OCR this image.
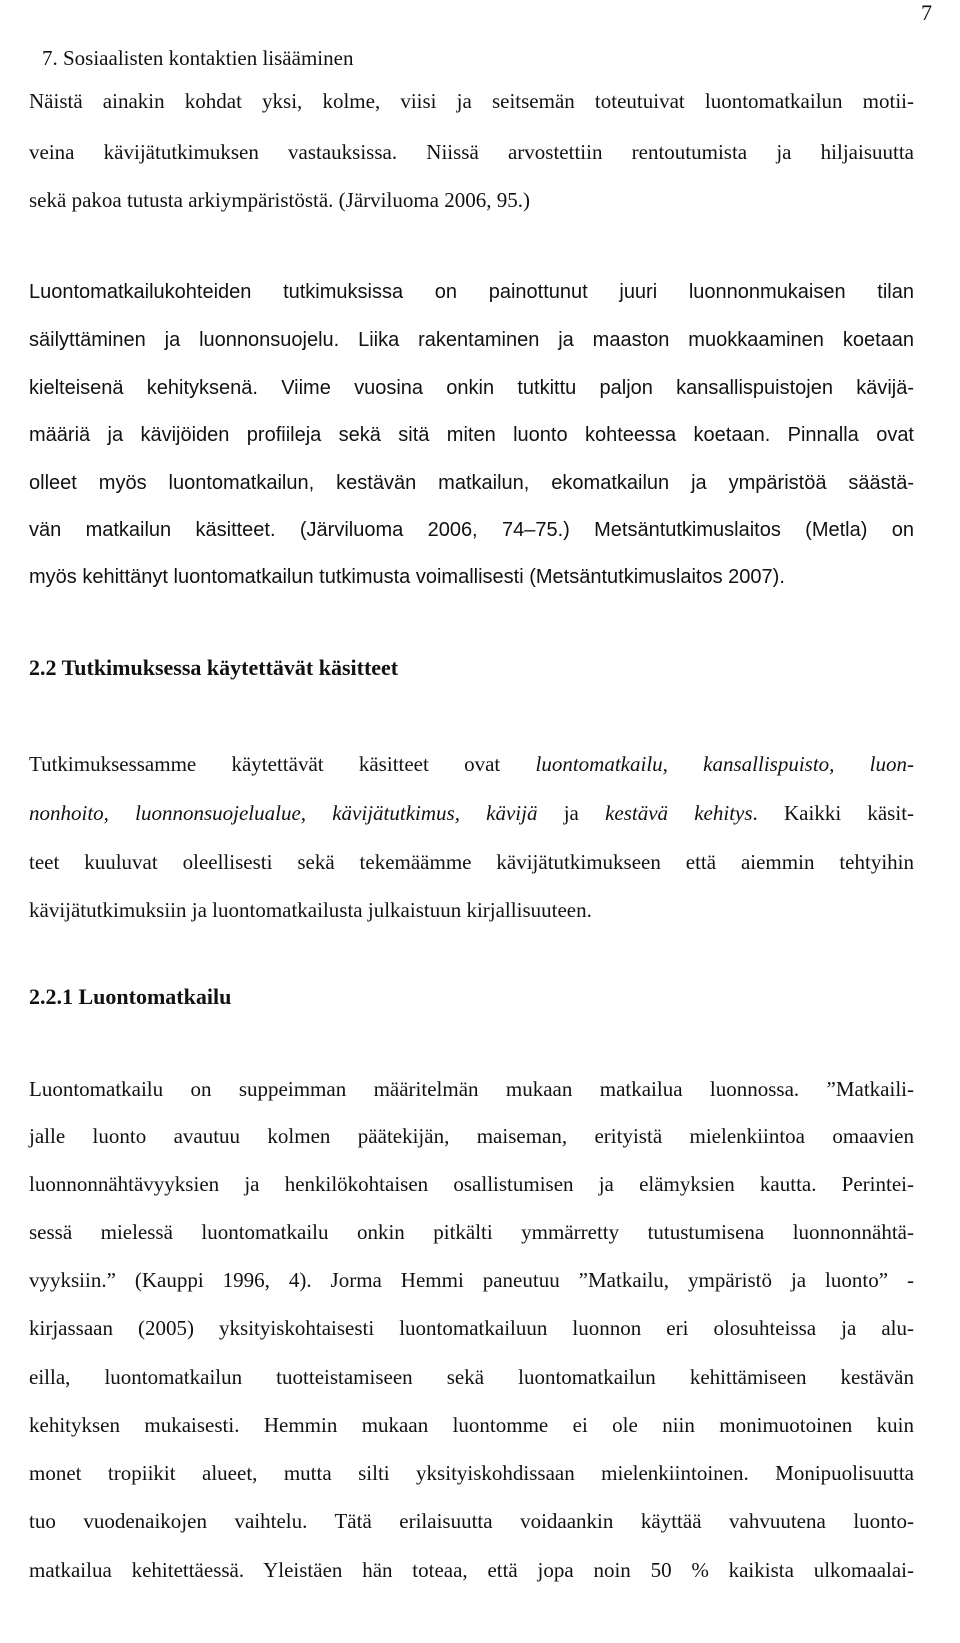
7
7. Sosiaalisten kontaktien lisääminen
Näistä ainakin kohdat yksi, kolme, viisi ja seitsemän toteutuivat luontomatkailun motii-
veina kävijätutkimuksen vastauksissa. Niissä arvostettiin rentoutumista ja hiljaisuutta
sekä pakoa tutusta arkiympäristöstä. (Järviluoma 2006, 95.)
Luontomatkailukohteiden tutkimuksissa on painottunut juuri luonnonmukaisen tilan
säilyttäminen ja luonnonsuojelu. Liika rakentaminen ja maaston muokkaaminen koetaan
kielteisenä kehityksenä. Viime vuosina onkin tutkittu paljon kansallispuistojen kävijä-
määriä ja kävijöiden profiileja sekä sitä miten luonto kohteessa koetaan. Pinnalla ovat
olleet myös luontomatkailun, kestävän matkailun, ekomatkailun ja ympäristöä säästä-
vän matkailun käsitteet. (Järviluoma 2006, 74–75.) Metsäntutkimuslaitos (Metla) on
myös kehittänyt luontomatkailun tutkimusta voimallisesti (Metsäntutkimuslaitos 2007).
2.2 Tutkimuksessa käytettävät käsitteet
Tutkimuksessamme käytettävät käsitteet ovat luontomatkailu, kansallispuisto, luon-
nonhoito, luonnonsuojelualue, kävijätutkimus, kävijä ja kestävä kehitys. Kaikki käsit-
teet kuuluvat oleellisesti sekä tekemäämme kävijätutkimukseen että aiemmin tehtyihin
kävijätutkimuksiin ja luontomatkailusta julkaistuun kirjallisuuteen.
2.2.1 Luontomatkailu
Luontomatkailu on suppeimman määritelmän mukaan matkailua luonnossa. ”Matkaili-
jalle luonto avautuu kolmen päätekijän, maiseman, erityistä mielenkiintoa omaavien
luonnonnähtävyyksien ja henkilökohtaisen osallistumisen ja elämyksien kautta. Perintei-
sessä mielessä luontomatkailu onkin pitkälti ymmärretty tutustumisena luonnonnähtä-
vyyksiin.” (Kauppi 1996, 4). Jorma Hemmi paneutuu ”Matkailu, ympäristö ja luonto” -
kirjassaan (2005) yksityiskohtaisesti luontomatkailuun luonnon eri olosuhteissa ja alu-
eilla, luontomatkailun tuotteistamiseen sekä luontomatkailun kehittämiseen kestävän
kehityksen mukaisesti. Hemmin mukaan luontomme ei ole niin monimuotoinen kuin
monet tropiikit alueet, mutta silti yksityiskohdissaan mielenkiintoinen. Monipuolisuutta
tuo vuodenaikojen vaihtelu. Tätä erilaisuutta voidaankin käyttää vahvuutena luonto-
matkailua kehitettäessä. Yleistäen hän toteaa, että jopa noin 50 % kaikista ulkomaalai-
